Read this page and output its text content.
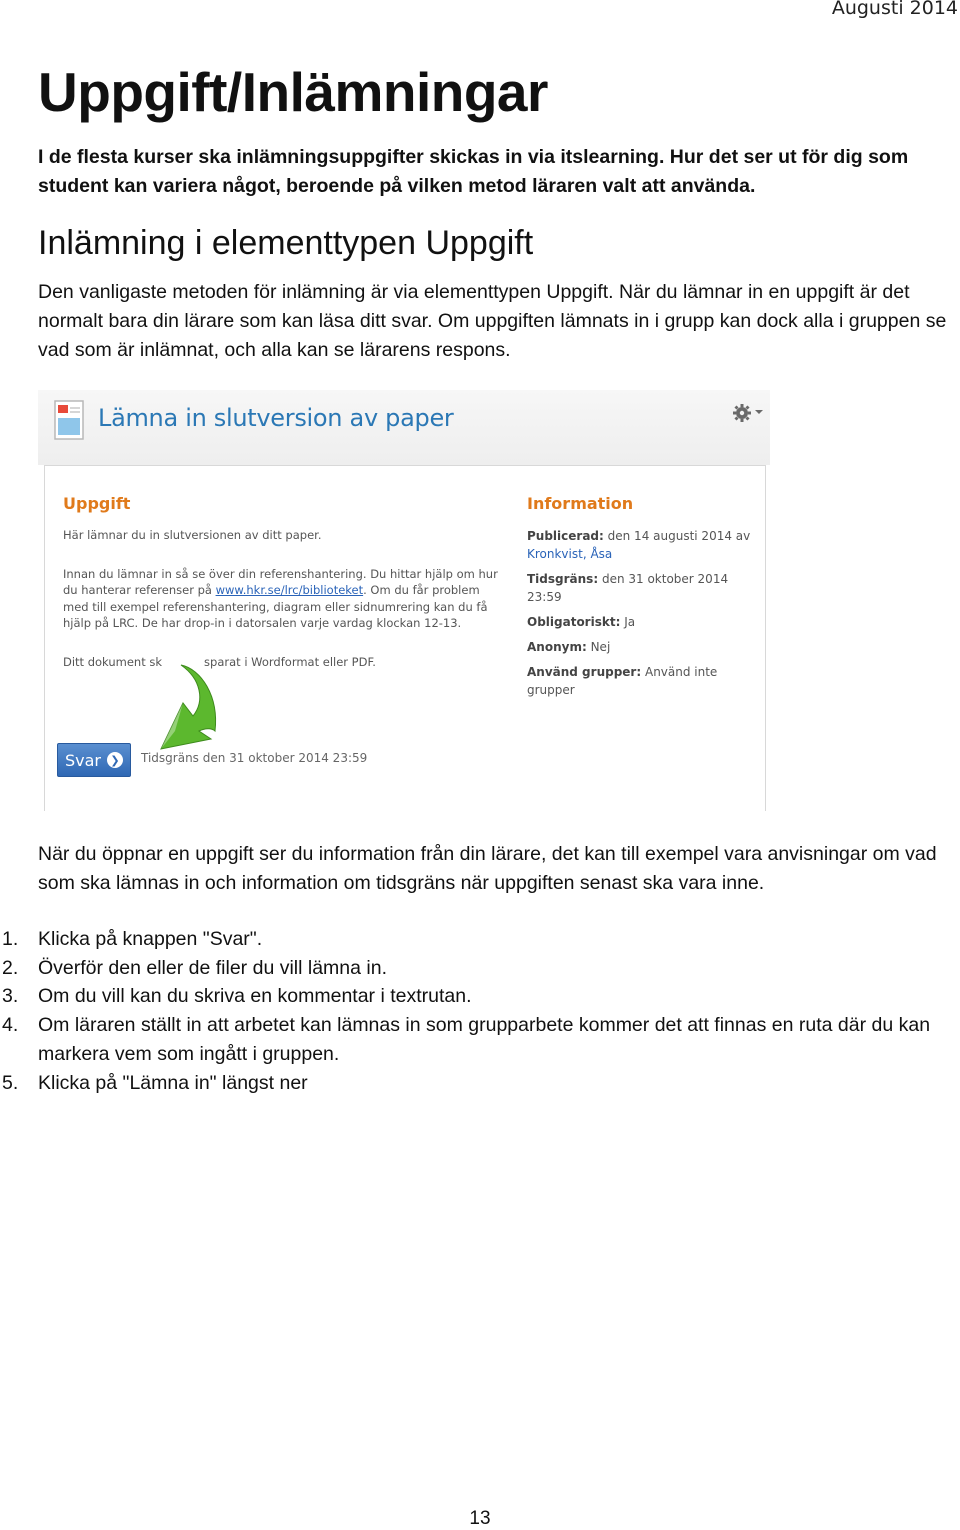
Augusti 2014
Uppgift/Inlämningar

I de flesta kurser ska inlämningsuppgifter skickas in via itslearning. Hur det ser ut för dig som student kan variera något, beroende på vilken metod läraren valt att använda.

Inlämning i elementtypen Uppgift

Den vanligaste metoden för inlämning är via elementtypen Uppgift. När du lämnar in en uppgift är det normalt bara din lärare som kan läsa ditt svar. Om uppgiften lämnats in i grupp kan dock alla i gruppen se vad som är inlämnat, och alla kan se lärarens respons.

Lämna in slutversion av paper

Uppgift

Här lämnar du in slutversionen av ditt paper.

Innan du lämnar in så se över din referenshantering. Du hittar hjälp om hur du hanterar referenser på www.hkr.se/lrc/biblioteket. Om du får problem med till exempel referenshantering, diagram eller sidnumrering kan du få hjälp på LRC. De har drop-in i datorsalen varje vardag klockan 12-13.

Ditt dokument sk	sparat i Wordformat eller PDF.

Svar ❯ Tidsgräns den 31 oktober 2014 23:59

Information

Publicerad: den 14 augusti 2014 av
Kronkvist, Åsa

Tidsgräns: den 31 oktober 2014 23:59

Obligatoriskt: Ja

Anonym: Nej

Använd grupper: Använd inte grupper

När du öppnar en uppgift ser du information från din lärare, det kan till exempel vara anvisningar om vad som ska lämnas in och information om tidsgräns när uppgiften senast ska vara inne.

1. Klicka på knappen "Svar".
2. Överför den eller de filer du vill lämna in.
3. Om du vill kan du skriva en kommentar i textrutan.
4. Om läraren ställt in att arbetet kan lämnas in som grupparbete kommer det att finnas en ruta där du kan markera vem som ingått i gruppen.
5. Klicka på "Lämna in" längst ner
13
